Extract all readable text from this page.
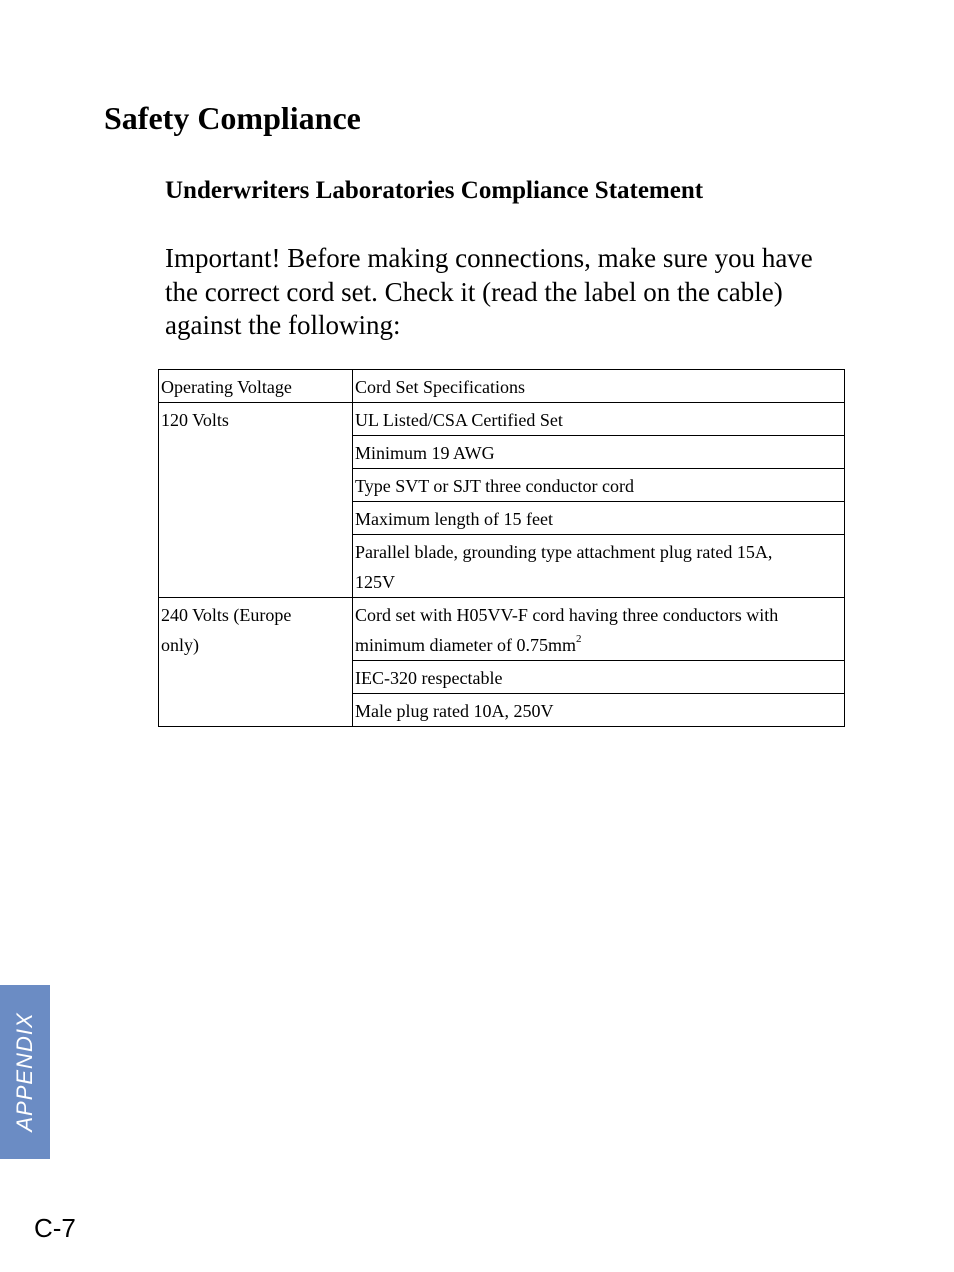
Safety Compliance
Underwriters Laboratories Compliance Statement

Important! Before making connections, make sure you have
the correct cord set. Check it (read the label on the cable)
against the following:

Operating Voltage	Cord Set Specifications

120 Volts	UL Listed/CSA Certified Set
	Minimum 19 AWG
	Type SVT or SJT three conductor cord
	Maximum length of 15 feet

	Parallel blade, grounding type attachment plug rated 15A,
125V

240 Volts (Europe
only)	Cord set with H05VV-F cord having three conductors with
minimum diameter of $0.75mm^2$

	IEC-320 respectable
	Male plug rated 10A, 250V
APPENDIX

C-7
